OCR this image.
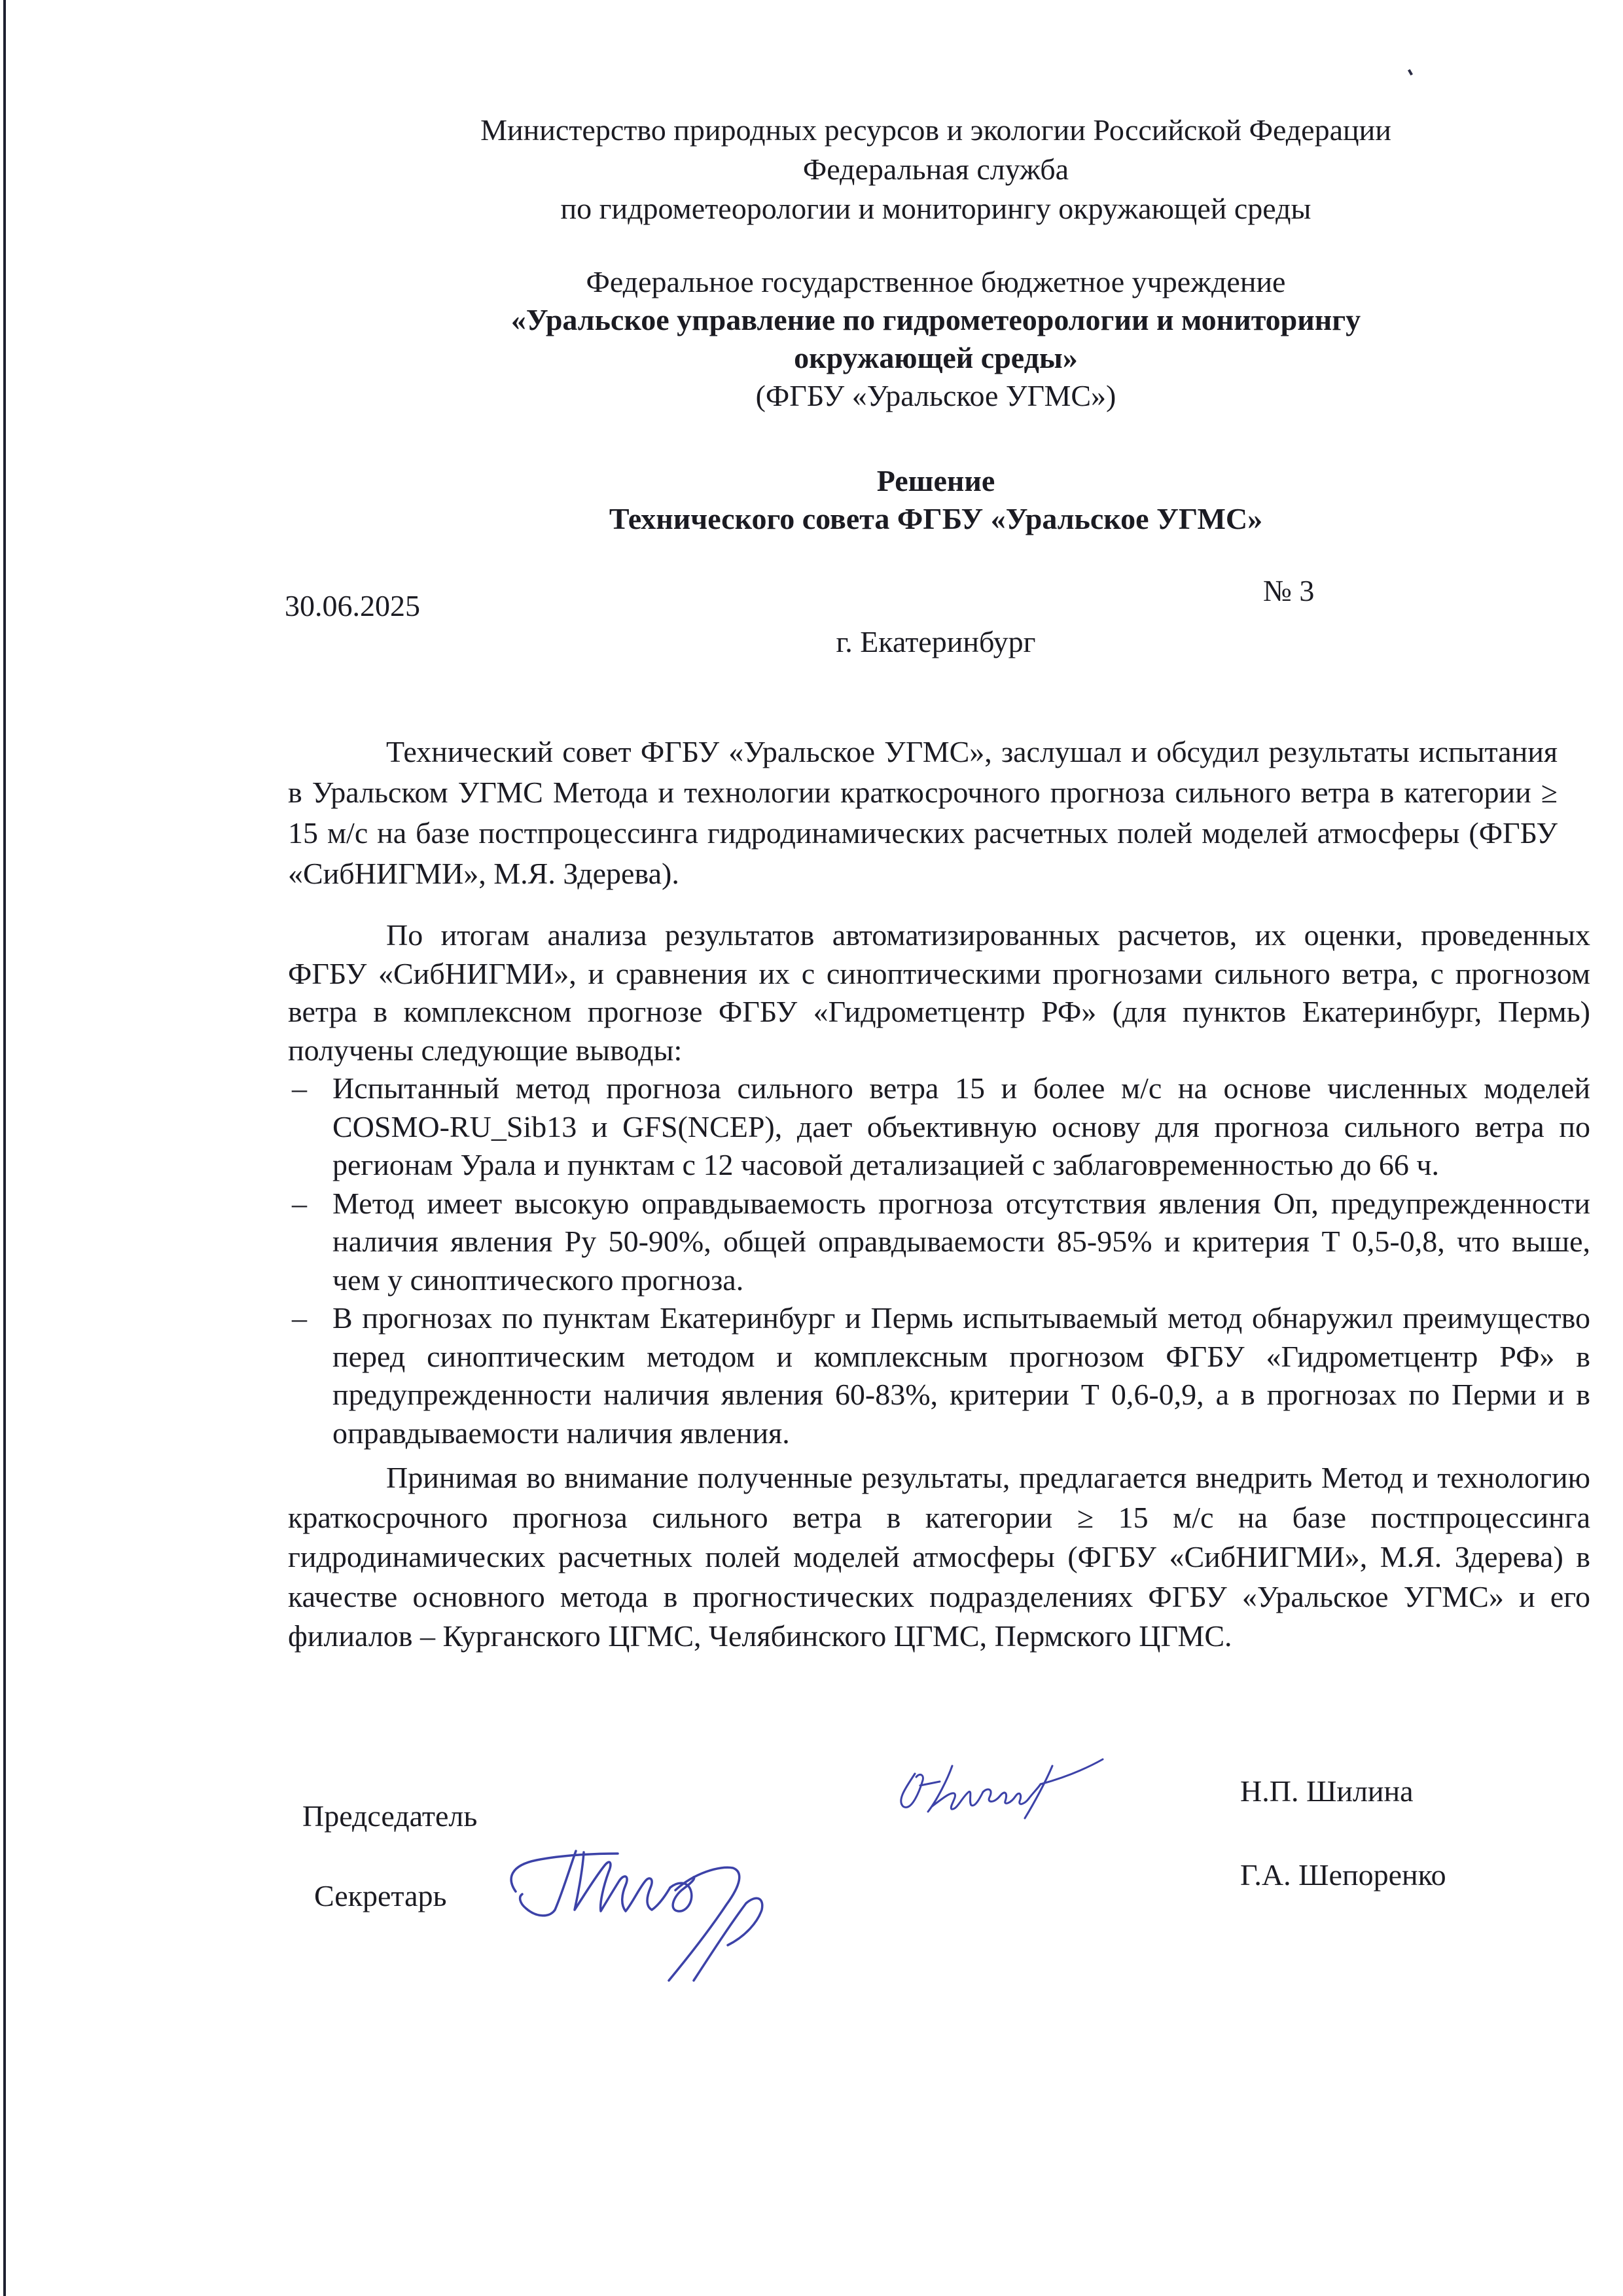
Министерство природных ресурсов и экологии Российской Федерации
Федеральная служба
по гидрометеорологии и мониторингу окружающей среды
Федеральное государственное бюджетное учреждение
«Уральское управление по гидрометеорологии и мониторингу
окружающей среды»
(ФГБУ «Уральское УГМС»)
Решение
Технического совета ФГБУ «Уральское УГМС»
30.06.2025	№ 3
г. Екатеринбург

Технический совет ФГБУ «Уральское УГМС», заслушал и обсудил результаты испытания в Уральском УГМС Метода и технологии краткосрочного прогноза сильного ветра в категории ≥ 15 м/с на базе постпроцессинга гидродинамических расчетных полей моделей атмосферы (ФГБУ «СибНИГМИ», М.Я. Здерева).

По итогам анализа результатов автоматизированных расчетов, их оценки, проведенных ФГБУ «СибНИГМИ», и сравнения их с синоптическими прогнозами сильного ветра, с прогнозом ветра в комплексном прогнозе ФГБУ «Гидрометцентр РФ» (для пунктов Екатеринбург, Пермь) получены следующие выводы:

– Испытанный метод прогноза сильного ветра 15 и более м/с на основе численных моделей COSMO-RU_Sib13 и GFS(NCEP), дает объективную основу для прогноза сильного ветра по регионам Урала и пунктам с 12 часовой детализацией с заблаговременностью до 66 ч.
– Метод имеет высокую оправдываемость прогноза отсутствия явления Оп, предупрежденности наличия явления Ру 50-90%, общей оправдываемости 85-95% и критерия Т 0,5-0,8, что выше, чем у синоптического прогноза.
– В прогнозах по пунктам Екатеринбург и Пермь испытываемый метод обнаружил преимущество перед синоптическим методом и комплексным прогнозом ФГБУ «Гидрометцентр РФ» в предупрежденности наличия явления 60-83%, критерии Т 0,6-0,9, а в прогнозах по Перми и в оправдываемости наличия явления.

Принимая во внимание полученные результаты, предлагается внедрить Метод и технологию краткосрочного прогноза сильного ветра в категории ≥ 15 м/с на базе постпроцессинга гидродинамических расчетных полей моделей атмосферы (ФГБУ «СибНИГМИ», М.Я. Здерева) в качестве основного метода в прогностических подразделениях ФГБУ «Уральское УГМС» и его филиалов – Курганского ЦГМС, Челябинского ЦГМС, Пермского ЦГМС.

Председатель
Н.П. Шилина
Секретарь
Г.А. Шепоренко
